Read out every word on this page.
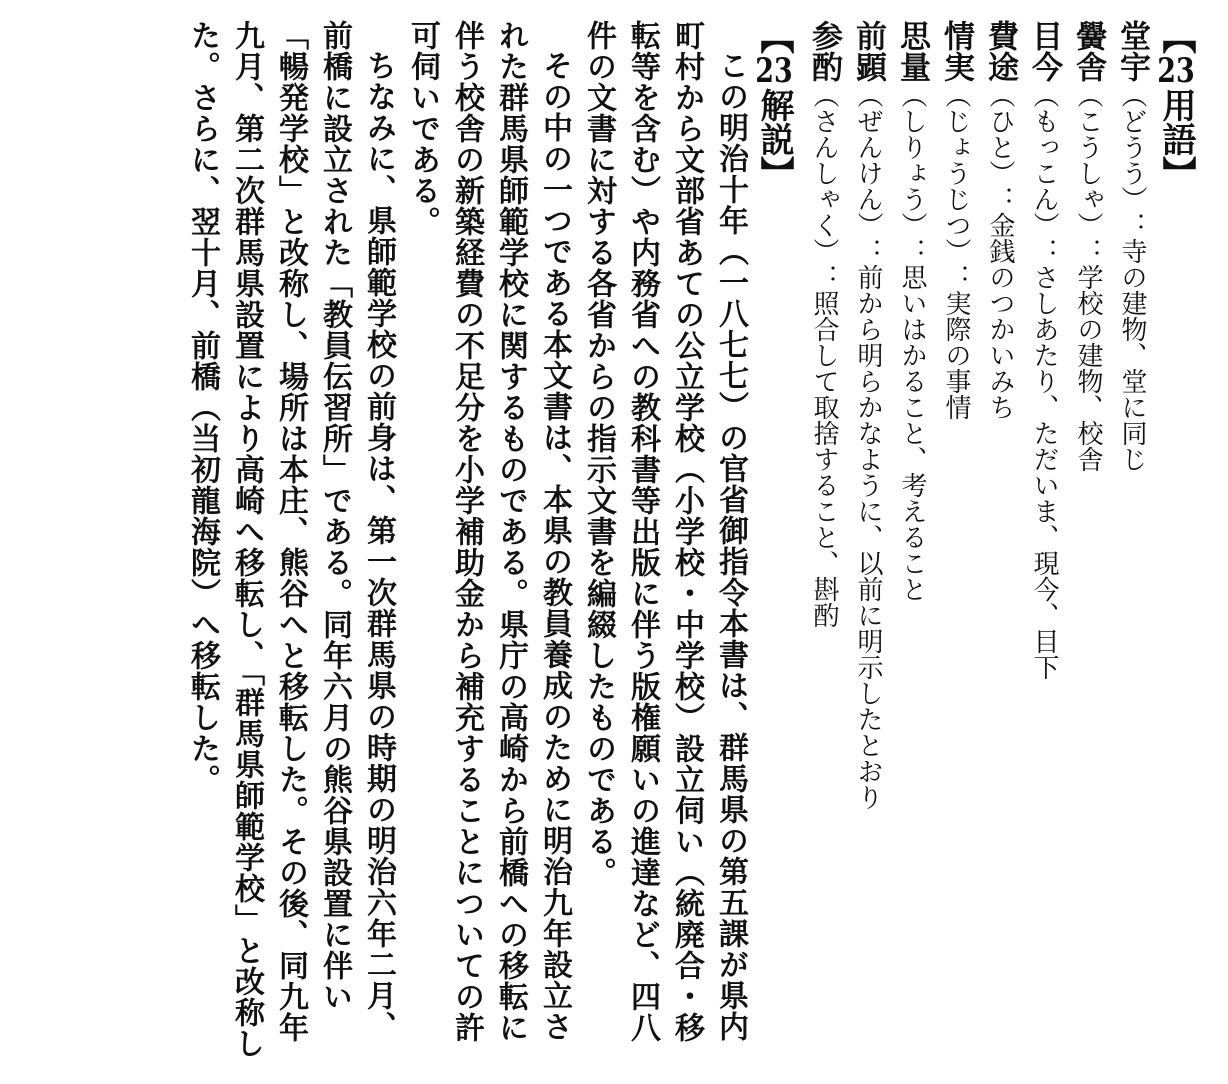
【23用語】

堂宇（どうう）：寺の建物、堂に同じ

黌舎（こうしゃ）：学校の建物、校舎

目今（もっこん）：さしあたり、ただいま、現今、目下

費途（ひと）：金銭のつかいみち

情実（じょうじつ）：実際の事情

思量（しりょう）：思いはかること、考えること

前顕（ぜんけん）：前から明らかなように、以前に明示したとおり

参酌（さんしゃく）：照合して取捨すること、斟酌

【23解説】

この明治十年（一八七七）の官省御指令本書は、群馬県の第五課が県内町村から文部省あての公立学校（小学校・中学校）設立伺い（統廃合・移転等を含む）や内務省への教科書等出版に伴う版権願いの進達など、四八件の文書に対する各省からの指示文書を編綴したものである。

その中の一つである本文書は、本県の教員養成のために明治九年設立された群馬県師範学校に関するものである。県庁の高崎から前橋への移転に伴う校舎の新築経費の不足分を小学補助金から補充することについての許可伺いである。

ちなみに、県師範学校の前身は、第一次群馬県の時期の明治六年二月、前橋に設立された「教員伝習所」である。同年六月の熊谷県設置に伴い「暢発学校」と改称し、場所は本庄、熊谷へと移転した。その後、同九年九月、第二次群馬県設置により高崎へ移転し、「群馬県師範学校」と改称した。さらに、翌十月、前橋（当初龍海院）へ移転した。
